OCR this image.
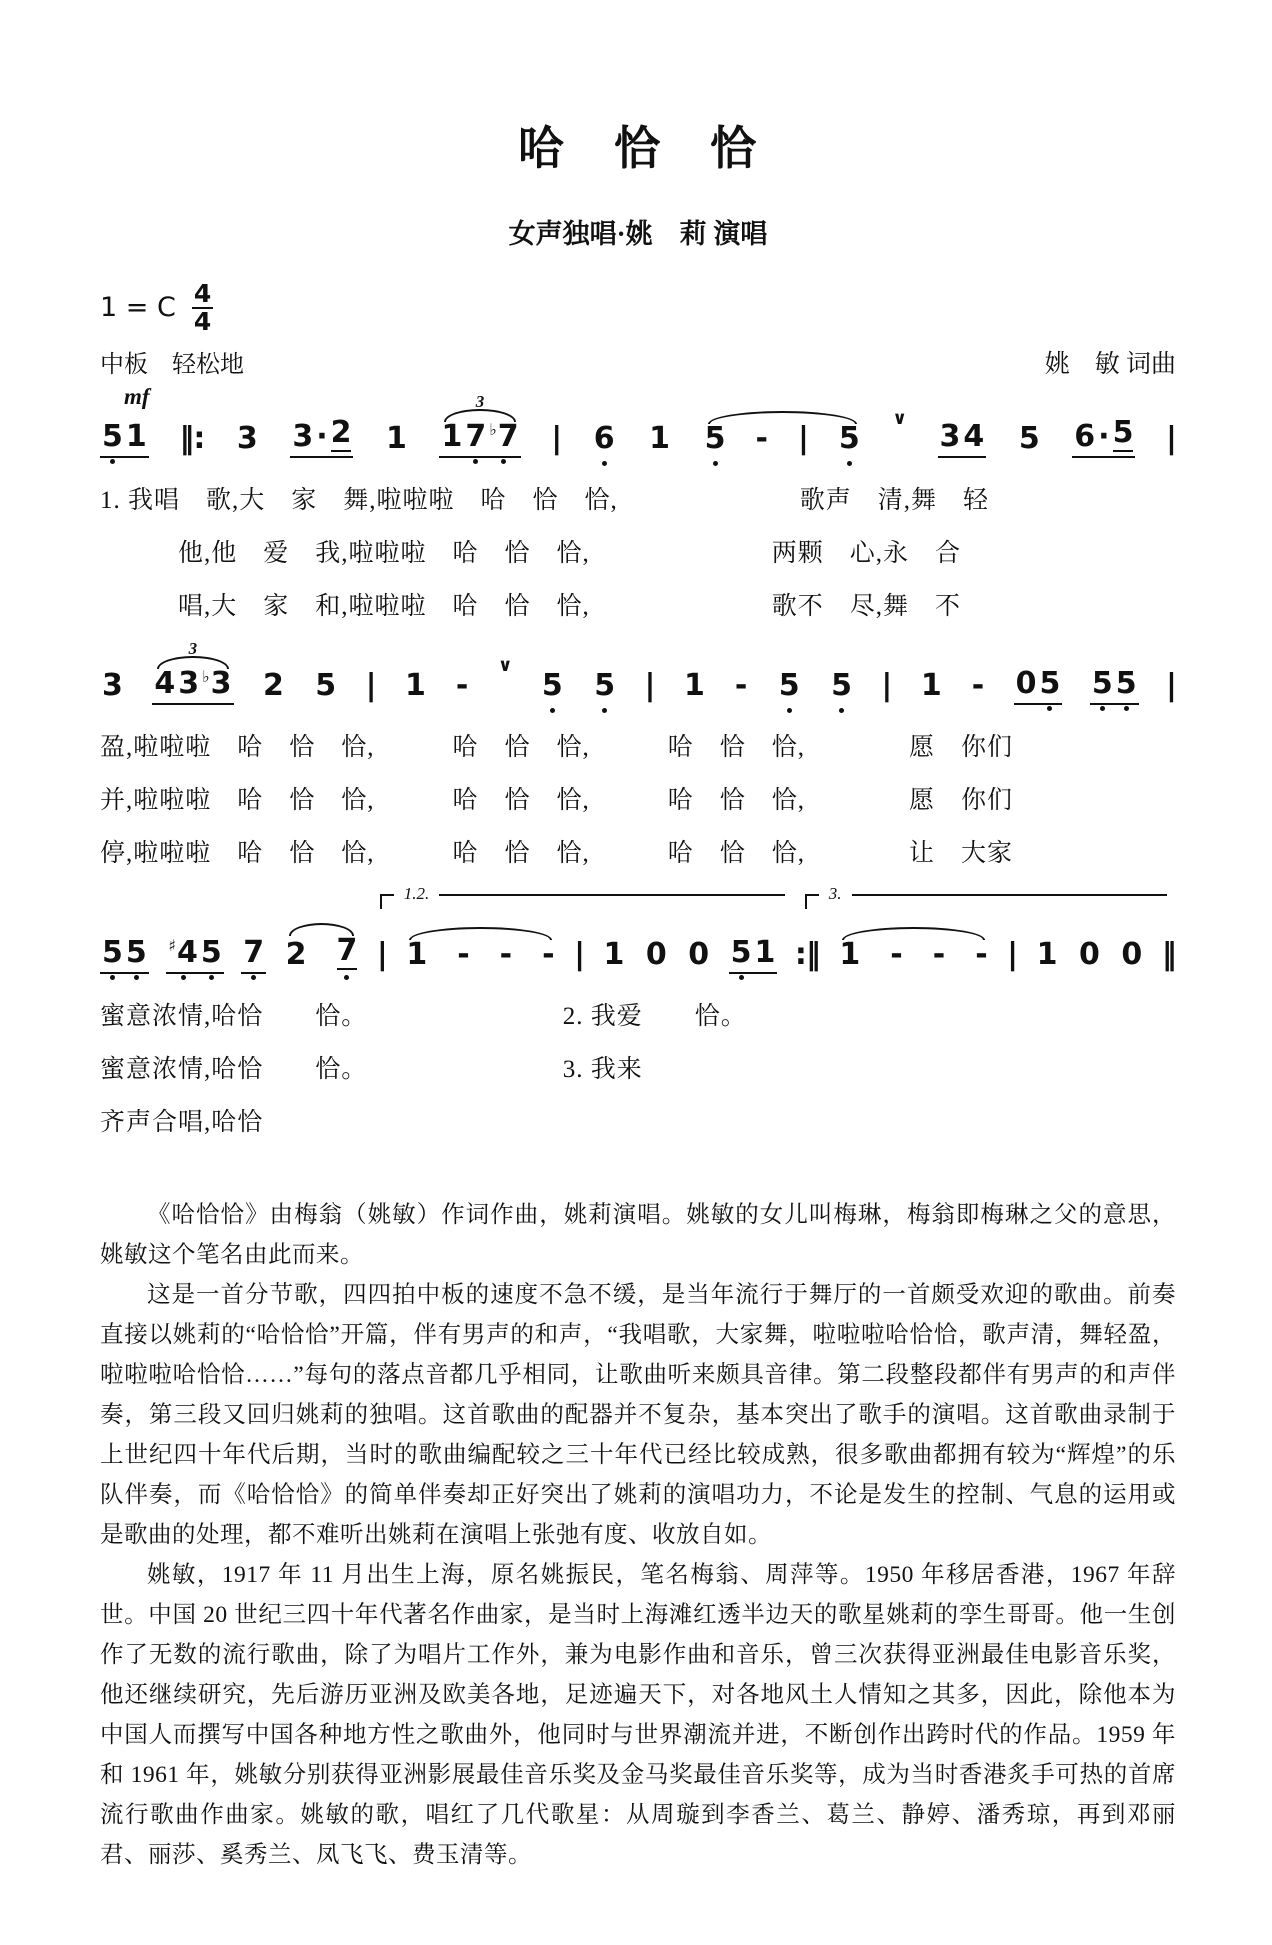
哈　恰　恰
女声独唱·姚　莉 演唱
1 = C $\frac{4}{4}$
中板　轻松地	姚　敏 词曲
mf
5 1 ‖: 3 3 · 2 1
3
1 7 ♭7 | 6 1 5 - | 5
∨
3 4 5 6 · 5 |
1. 我唱　歌,大　家　舞,啦啦啦　哈　恰　恰,　　　　　　　歌声　清,舞　轻
　　　他,他　爱　我,啦啦啦　哈　恰　恰,　　　　　　　两颗　心,永　合
　　　唱,大　家　和,啦啦啦　哈　恰　恰,　　　　　　　歌不　尽,舞　不
3
3
4 3 ♭3 2 5 | 1 -
∨
5 5 | 1 - 5 5 | 1 - 0 5 5 5 |
盈,啦啦啦　哈　恰　恰,　　　哈　恰　恰,　　　哈　恰　恰,　　　　愿　你们
并,啦啦啦　哈　恰　恰,　　　哈　恰　恰,　　　哈　恰　恰,　　　　愿　你们
停,啦啦啦　哈　恰　恰,　　　哈　恰　恰,　　　哈　恰　恰,　　　　让　大家
1.2.	3.
5 5 ♯4 5 7 2 7 | 1 - - - | 1 0 0 5 1 :‖ 1 - - - | 1 0 0 ‖
蜜意浓情,哈恰　　恰。　　　　　　　　2. 我爱　　恰。
蜜意浓情,哈恰　　恰。　　　　　　　　3. 我来
齐声合唱,哈恰

《哈恰恰》由梅翁（姚敏）作词作曲，姚莉演唱。姚敏的女儿叫梅琳，梅翁即梅琳之父的意思，姚敏这个笔名由此而来。

这是一首分节歌，四四拍中板的速度不急不缓，是当年流行于舞厅的一首颇受欢迎的歌曲。前奏直接以姚莉的“哈恰恰”开篇，伴有男声的和声，“我唱歌，大家舞，啦啦啦哈恰恰，歌声清，舞轻盈，啦啦啦哈恰恰……”每句的落点音都几乎相同，让歌曲听来颇具音律。第二段整段都伴有男声的和声伴奏，第三段又回归姚莉的独唱。这首歌曲的配器并不复杂，基本突出了歌手的演唱。这首歌曲录制于上世纪四十年代后期，当时的歌曲编配较之三十年代已经比较成熟，很多歌曲都拥有较为“辉煌”的乐队伴奏，而《哈恰恰》的简单伴奏却正好突出了姚莉的演唱功力，不论是发生的控制、气息的运用或是歌曲的处理，都不难听出姚莉在演唱上张弛有度、收放自如。

姚敏，1917 年 11 月出生上海，原名姚振民，笔名梅翁、周萍等。1950 年移居香港，1967 年辞世。中国 20 世纪三四十年代著名作曲家，是当时上海滩红透半边天的歌星姚莉的孪生哥哥。他一生创作了无数的流行歌曲，除了为唱片工作外，兼为电影作曲和音乐，曾三次获得亚洲最佳电影音乐奖，他还继续研究，先后游历亚洲及欧美各地，足迹遍天下，对各地风土人情知之其多，因此，除他本为中国人而撰写中国各种地方性之歌曲外，他同时与世界潮流并进，不断创作出跨时代的作品。1959 年和 1961 年，姚敏分别获得亚洲影展最佳音乐奖及金马奖最佳音乐奖等，成为当时香港炙手可热的首席流行歌曲作曲家。姚敏的歌，唱红了几代歌星：从周璇到李香兰、葛兰、静婷、潘秀琼，再到邓丽君、丽莎、奚秀兰、凤飞飞、费玉清等。
